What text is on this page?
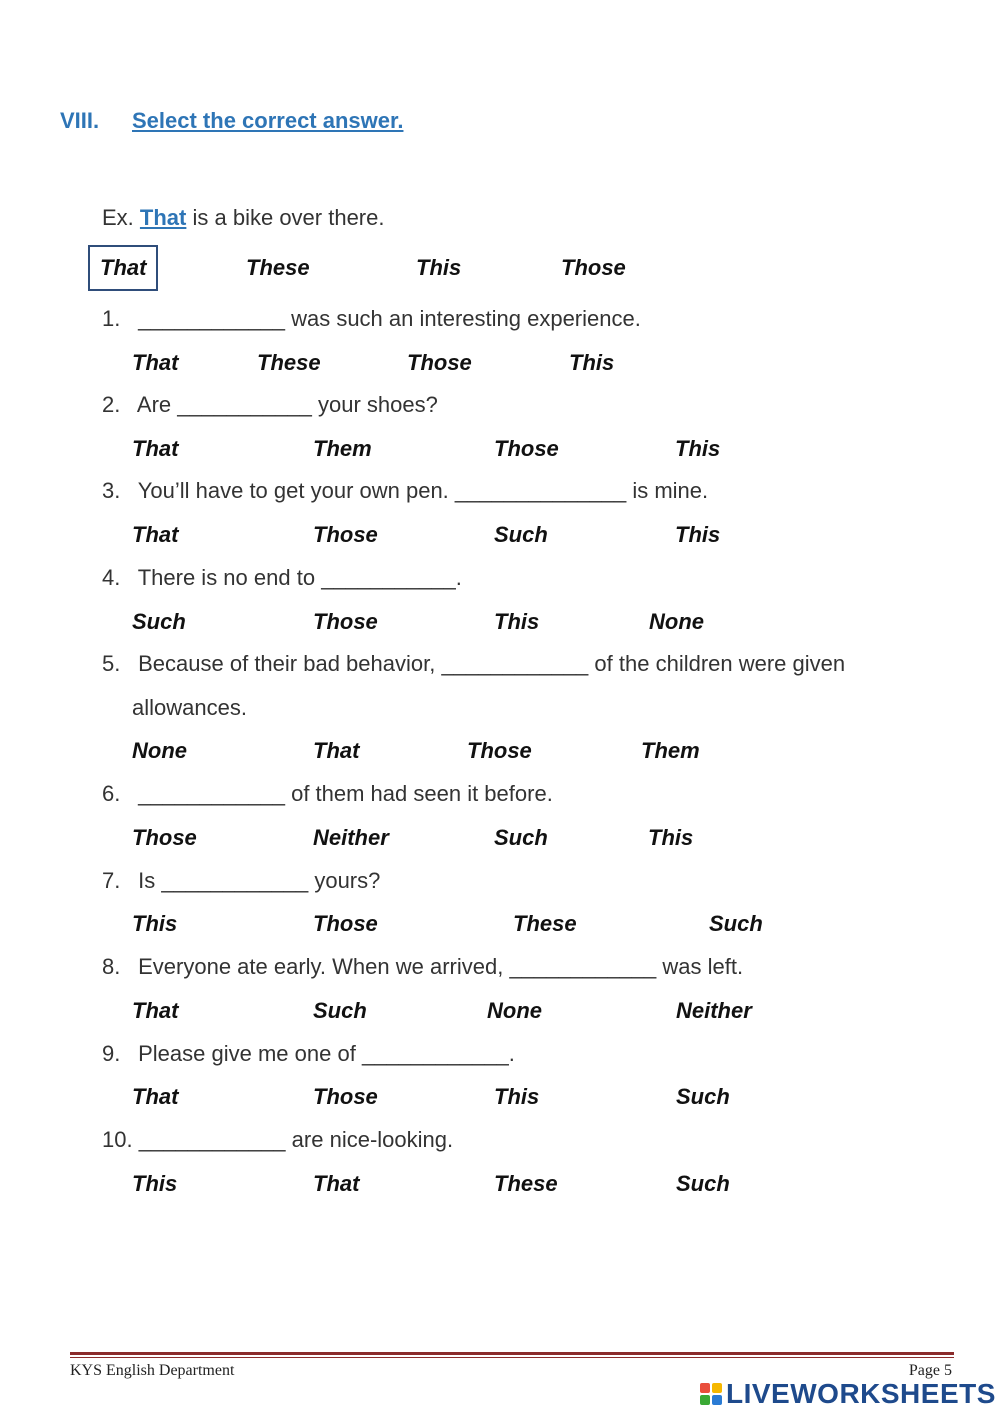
VIII. Select the correct answer.
Ex. That is a bike over there.
That	These	This	Those
1. ____________ was such an interesting experience.
That	These	Those	This
2. Are ___________ your shoes?
That	Them	Those	This
3. You’ll have to get your own pen. ______________ is mine.
That	Those	Such	This
4. There is no end to ___________.
Such	Those	This	None
5. Because of their bad behavior, ____________ of the children were given
allowances.
None	That	Those	Them
6. ____________ of them had seen it before.
Those	Neither	Such	This
7. Is ____________ yours?
This	Those	These	Such
8. Everyone ate early. When we arrived, ____________ was left.
That	Such	None	Neither
9. Please give me one of ____________.
That	Those	This	Such
10. ____________ are nice-looking.
This	That	These	Such
KYS English Department	Page 5
LIVEWORKSHEETS
